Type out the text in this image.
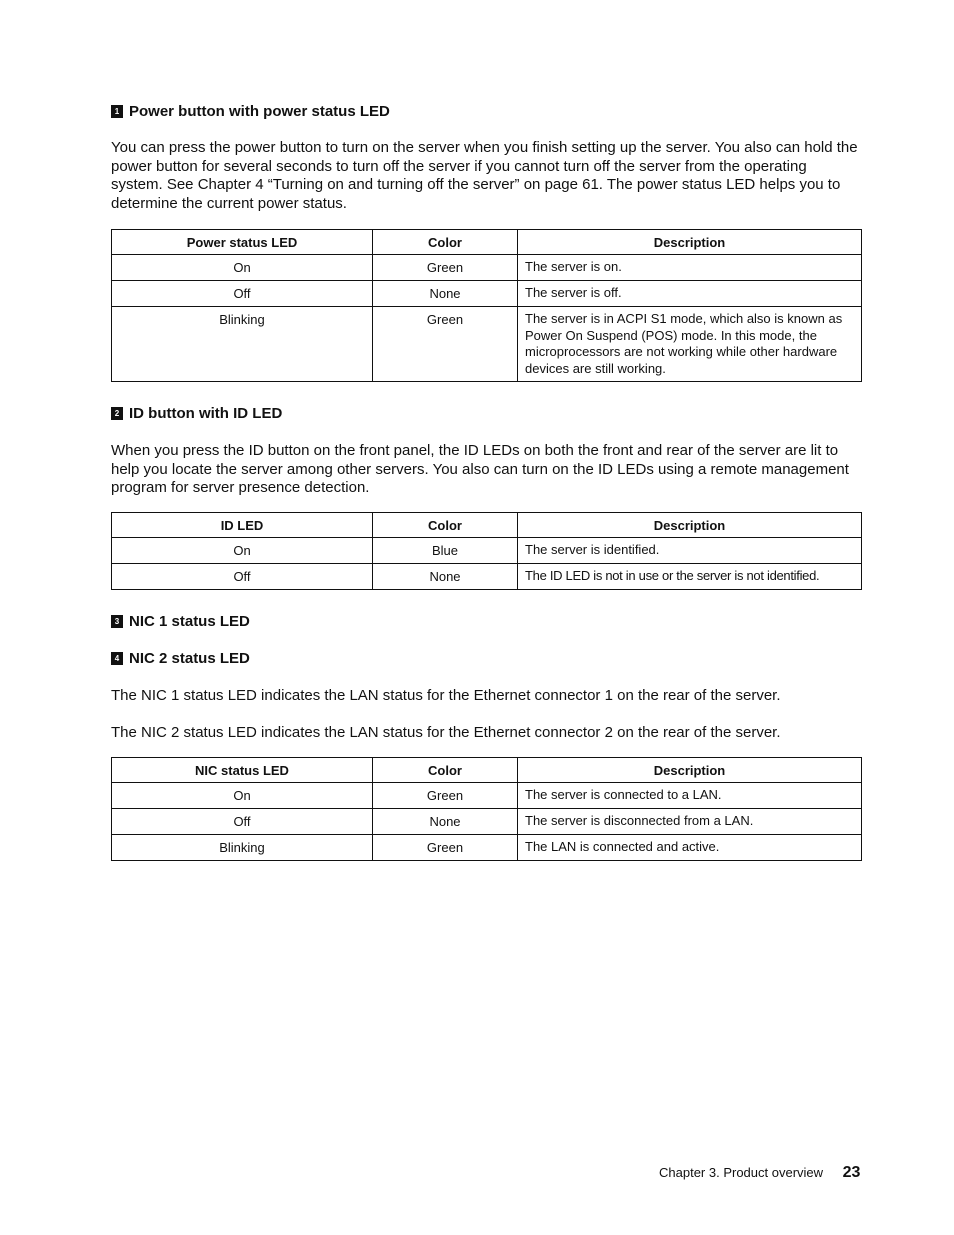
1 Power button with power status LED

You can press the power button to turn on the server when you finish setting up the server. You also can hold the power button for several seconds to turn off the server if you cannot turn off the server from the operating system. See Chapter 4 “Turning on and turning off the server” on page 61. The power status LED helps you to determine the current power status.

Power status LED	Color	Description
On	Green	The server is on.
Off	None	The server is off.
Blinking	Green	The server is in ACPI S1 mode, which also is known as Power On Suspend (POS) mode. In this mode, the microprocessors are not working while other hardware devices are still working.
2 ID button with ID LED

When you press the ID button on the front panel, the ID LEDs on both the front and rear of the server are lit to help you locate the server among other servers. You also can turn on the ID LEDs using a remote management program for server presence detection.

ID LED	Color	Description
On	Blue	The server is identified.
Off	None	The ID LED is not in use or the server is not identified.
3 NIC 1 status LED
4 NIC 2 status LED

The NIC 1 status LED indicates the LAN status for the Ethernet connector 1 on the rear of the server.

The NIC 2 status LED indicates the LAN status for the Ethernet connector 2 on the rear of the server.

NIC status LED	Color	Description
On	Green	The server is connected to a LAN.
Off	None	The server is disconnected from a LAN.
Blinking	Green	The LAN is connected and active.
Chapter 3. Product overview 23
